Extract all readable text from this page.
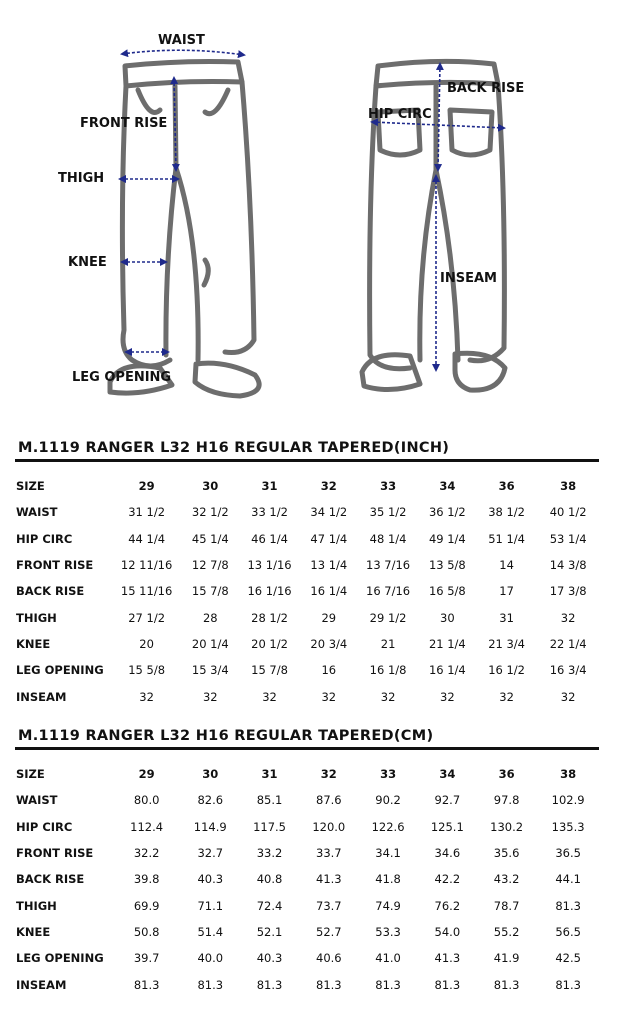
WAIST
FRONT RISE
THIGH
KNEE
LEG OPENING
BACK RISE
HIP CIRC
INSEAM
M.1119 RANGER L32 H16 REGULAR TAPERED(INCH)
SIZE	29	30	31	32	33	34	36	38
WAIST	31 1/2	32 1/2	33 1/2	34 1/2	35 1/2	36 1/2	38 1/2	40 1/2
HIP CIRC	44 1/4	45 1/4	46 1/4	47 1/4	48 1/4	49 1/4	51 1/4	53 1/4
FRONT RISE	12 11/16	12 7/8	13 1/16	13 1/4	13 7/16	13 5/8	14	14 3/8
BACK RISE	15 11/16	15 7/8	16 1/16	16 1/4	16 7/16	16 5/8	17	17 3/8
THIGH	27 1/2	28	28 1/2	29	29 1/2	30	31	32
KNEE	20	20 1/4	20 1/2	20 3/4	21	21 1/4	21 3/4	22 1/4
LEG OPENING	15 5/8	15 3/4	15 7/8	16	16 1/8	16 1/4	16 1/2	16 3/4
INSEAM	32	32	32	32	32	32	32	32
M.1119 RANGER L32 H16 REGULAR TAPERED(CM)
SIZE	29	30	31	32	33	34	36	38
WAIST	80.0	82.6	85.1	87.6	90.2	92.7	97.8	102.9
HIP CIRC	112.4	114.9	117.5	120.0	122.6	125.1	130.2	135.3
FRONT RISE	32.2	32.7	33.2	33.7	34.1	34.6	35.6	36.5
BACK RISE	39.8	40.3	40.8	41.3	41.8	42.2	43.2	44.1
THIGH	69.9	71.1	72.4	73.7	74.9	76.2	78.7	81.3
KNEE	50.8	51.4	52.1	52.7	53.3	54.0	55.2	56.5
LEG OPENING	39.7	40.0	40.3	40.6	41.0	41.3	41.9	42.5
INSEAM	81.3	81.3	81.3	81.3	81.3	81.3	81.3	81.3
